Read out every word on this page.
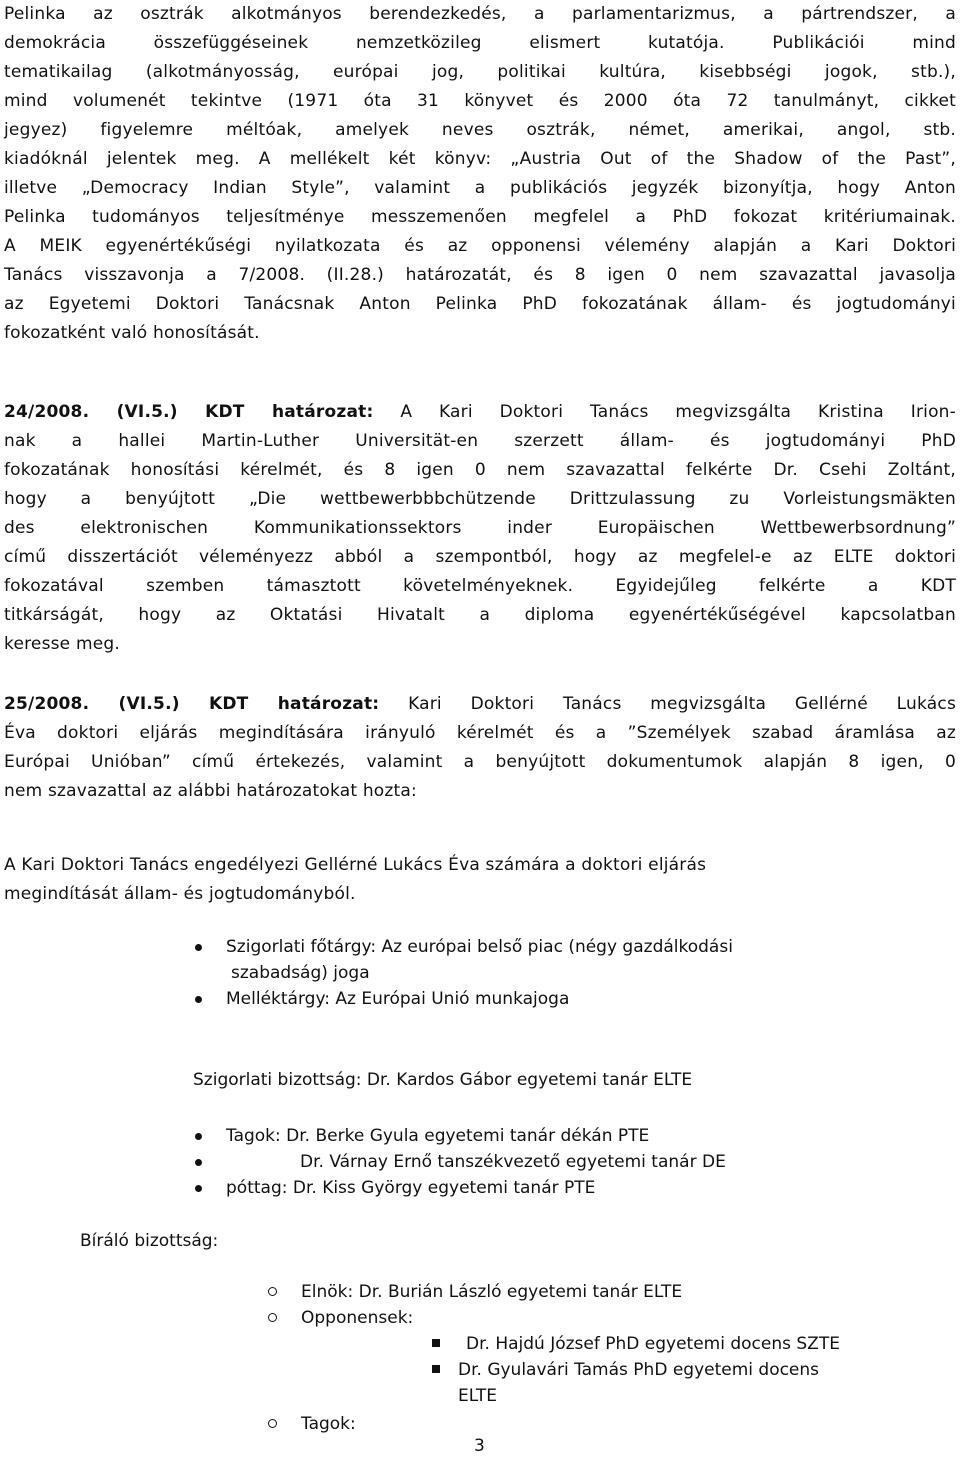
Pelinka az osztrák alkotmányos berendezkedés, a parlamentarizmus, a pártrendszer, a
demokrácia összefüggéseinek nemzetközileg elismert kutatója. Publikációi mind
tematikailag (alkotmányosság, európai jog, politikai kultúra, kisebbségi jogok, stb.),
mind volumenét tekintve (1971 óta 31 könyvet és 2000 óta 72 tanulmányt, cikket
jegyez) figyelemre méltóak, amelyek neves osztrák, német, amerikai, angol, stb.
kiadóknál jelentek meg. A mellékelt két könyv: „Austria Out of the Shadow of the Past”,
illetve „Democracy Indian Style”, valamint a publikációs jegyzék bizonyítja, hogy Anton
Pelinka tudományos teljesítménye messzemenően megfelel a PhD fokozat kritériumainak.
A MEIK egyenértékűségi nyilatkozata és az opponensi vélemény alapján a Kari Doktori
Tanács visszavonja a 7/2008. (II.28.) határozatát, és 8 igen 0 nem szavazattal javasolja
az Egyetemi Doktori Tanácsnak Anton Pelinka PhD fokozatának állam- és jogtudományi
fokozatként való honosítását.
24/2008. (VI.5.) KDT határozat: A Kari Doktori Tanács megvizsgálta Kristina Irion-
nak a hallei Martin-Luther Universität-en szerzett állam- és jogtudományi PhD
fokozatának honosítási kérelmét, és 8 igen 0 nem szavazattal felkérte Dr. Csehi Zoltánt,
hogy a benyújtott „Die wettbewerbbbchützende Drittzulassung zu Vorleistungsmäkten
des elektronischen Kommunikationssektors inder Europäischen Wettbewerbsordnung”
című disszertációt véleményezz abból a szempontból, hogy az megfelel-e az ELTE doktori
fokozatával szemben támasztott követelményeknek. Egyidejűleg felkérte a KDT
titkárságát, hogy az Oktatási Hivatalt a diploma egyenértékűségével kapcsolatban
keresse meg.
25/2008. (VI.5.) KDT határozat: Kari Doktori Tanács megvizsgálta Gellérné Lukács
Éva doktori eljárás megindítására irányuló kérelmét és a ”Személyek szabad áramlása az
Európai Unióban” című értekezés, valamint a benyújtott dokumentumok alapján 8 igen, 0
nem szavazattal az alábbi határozatokat hozta:
A Kari Doktori Tanács engedélyezi Gellérné Lukács Éva számára a doktori eljárás
megindítását állam- és jogtudományból.
Szigorlati főtárgy: Az európai belső piac (négy gazdálkodási
szabadság) joga
Melléktárgy: Az Európai Unió munkajoga
Szigorlati bizottság: Dr. Kardos Gábor egyetemi tanár ELTE
Tagok: Dr. Berke Gyula egyetemi tanár dékán PTE
Dr. Várnay Ernő tanszékvezető egyetemi tanár DE
póttag: Dr. Kiss György egyetemi tanár PTE
Bíráló bizottság:
Elnök: Dr. Burián László egyetemi tanár ELTE
Opponensek:
Dr. Hajdú József PhD egyetemi docens SZTE
Dr. Gyulavári Tamás PhD egyetemi docens
ELTE
Tagok:
3
